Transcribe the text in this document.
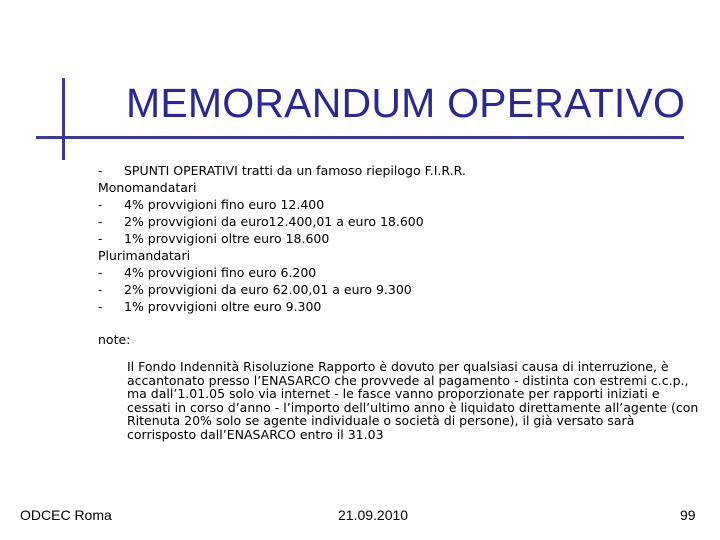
MEMORANDUM OPERATIVO
- SPUNTI OPERATIVI tratti da un famoso riepilogo F.I.R.R.
Monomandatari
- 4% provvigioni fino euro 12.400
- 2% provvigioni da euro12.400,01 a euro 18.600
- 1% provvigioni oltre euro 18.600
Plurimandatari
- 4% provvigioni fino euro 6.200
- 2% provvigioni da euro 62.00,01 a euro 9.300
- 1% provvigioni oltre euro 9.300
note:
Il Fondo Indennità Risoluzione Rapporto è dovuto per qualsiasi causa di interruzione, è accantonato presso l’ENASARCO che provvede al pagamento - distinta con estremi c.c.p., ma dall’1.01.05 solo via internet - le fasce vanno proporzionate per rapporti iniziati e cessati in corso d’anno - l’importo dell’ultimo anno è liquidato direttamente all’agente (con Ritenuta 20% solo se agente individuale o società di persone), il già versato sarà corrisposto dall’ENASARCO entro il 31.03
ODCEC Roma	21.09.2010	99
